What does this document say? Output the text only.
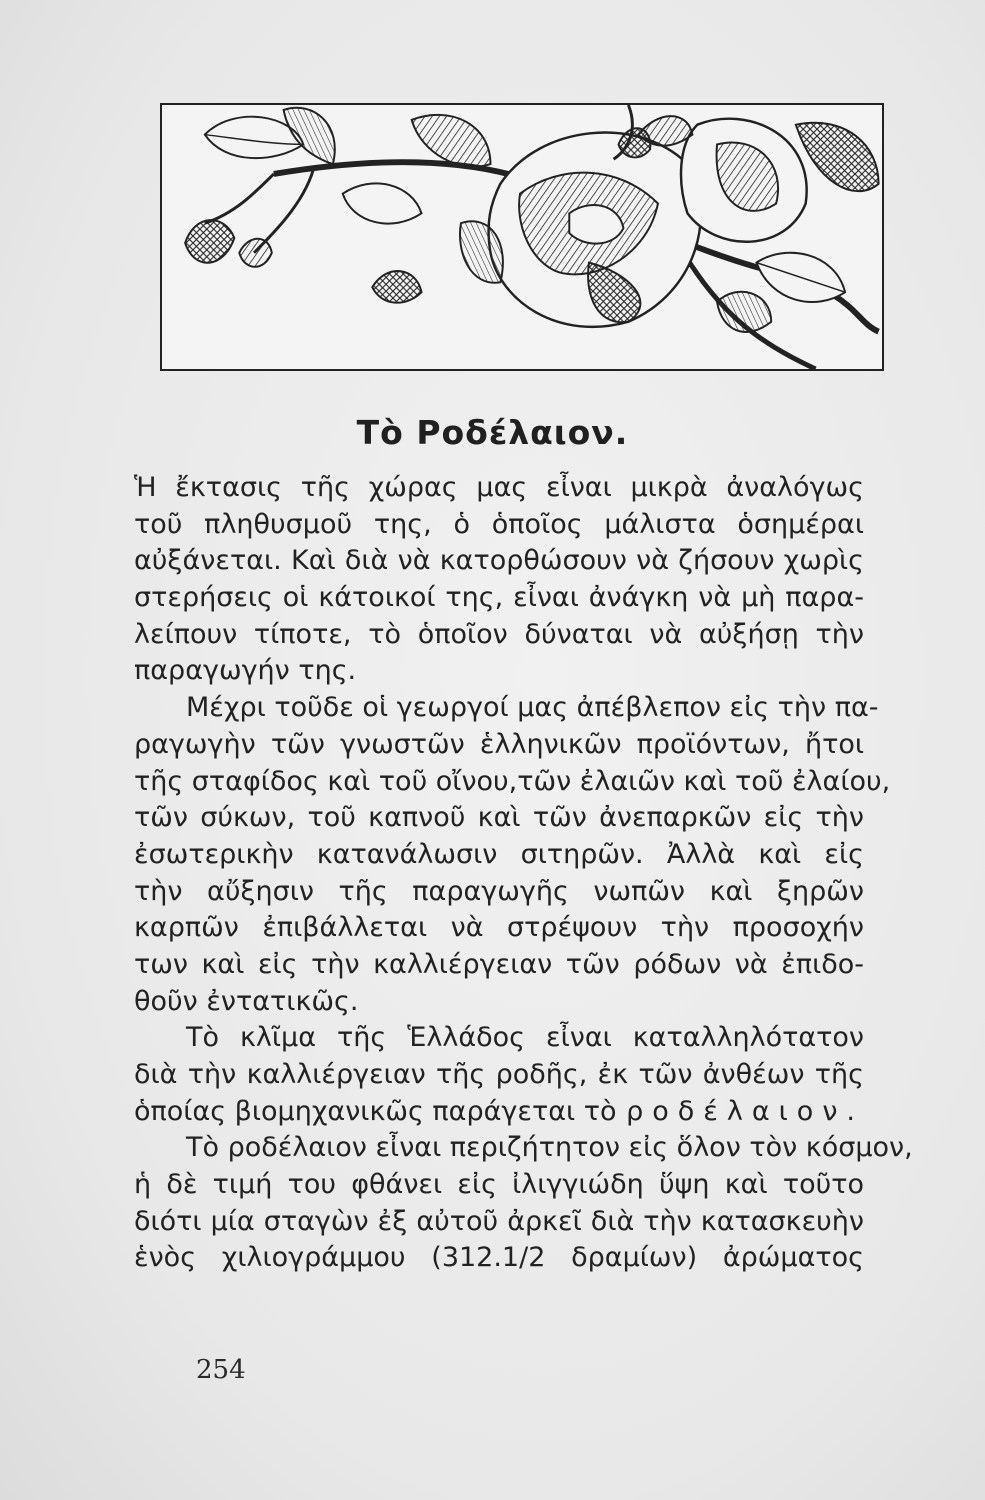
Τὸ Ροδέλαιον.
Ἡ ἔκτασις τῆς χώρας μας εἶναι μικρὰ ἀναλόγως
τοῦ πληθυσμοῦ της, ὁ ὁποῖος μάλιστα ὁσημέραι
αὐξάνεται. Καὶ διὰ νὰ κατορθώσουν νὰ ζήσουν χωρὶς
στερήσεις οἱ κάτοικοί της, εἶναι ἀνάγκη νὰ μὴ παρα-
λείπουν τίποτε, τὸ ὁποῖον δύναται νὰ αὐξήσῃ τὴν
παραγωγήν της.
Μέχρι τοῦδε οἱ γεωργοί μας ἀπέβλεπον εἰς τὴν πα-
ραγωγὴν τῶν γνωστῶν ἑλληνικῶν προϊόντων, ἤτοι
τῆς σταφίδος καὶ τοῦ οἴνου,τῶν ἐλαιῶν καὶ τοῦ ἐλαίου,
τῶν σύκων, τοῦ καπνοῦ καὶ τῶν ἀνεπαρκῶν εἰς τὴν
ἐσωτερικὴν κατανάλωσιν σιτηρῶν. Ἀλλὰ καὶ εἰς
τὴν αὔξησιν τῆς παραγωγῆς νωπῶν καὶ ξηρῶν
καρπῶν ἐπιβάλλεται νὰ στρέψουν τὴν προσοχήν
των καὶ εἰς τὴν καλλιέργειαν τῶν ρόδων νὰ ἐπιδο-
θοῦν ἐντατικῶς.
Τὸ κλῖμα τῆς Ἑλλάδος εἶναι καταλληλότατον
διὰ τὴν καλλιέργειαν τῆς ροδῆς, ἐκ τῶν ἀνθέων τῆς
ὁποίας βιομηχανικῶς παράγεται τὸ ροδέλαιον.
Τὸ ροδέλαιον εἶναι περιζήτητον εἰς ὅλον τὸν κόσμον,
ἡ δὲ τιμή του φθάνει εἰς ἰλιγγιώδη ὕψη καὶ τοῦτο
διότι μία σταγὼν ἐξ αὐτοῦ ἀρκεῖ διὰ τὴν κατασκευὴν
ἑνὸς χιλιογράμμου (312.1/2 δραμίων) ἀρώματος
254
